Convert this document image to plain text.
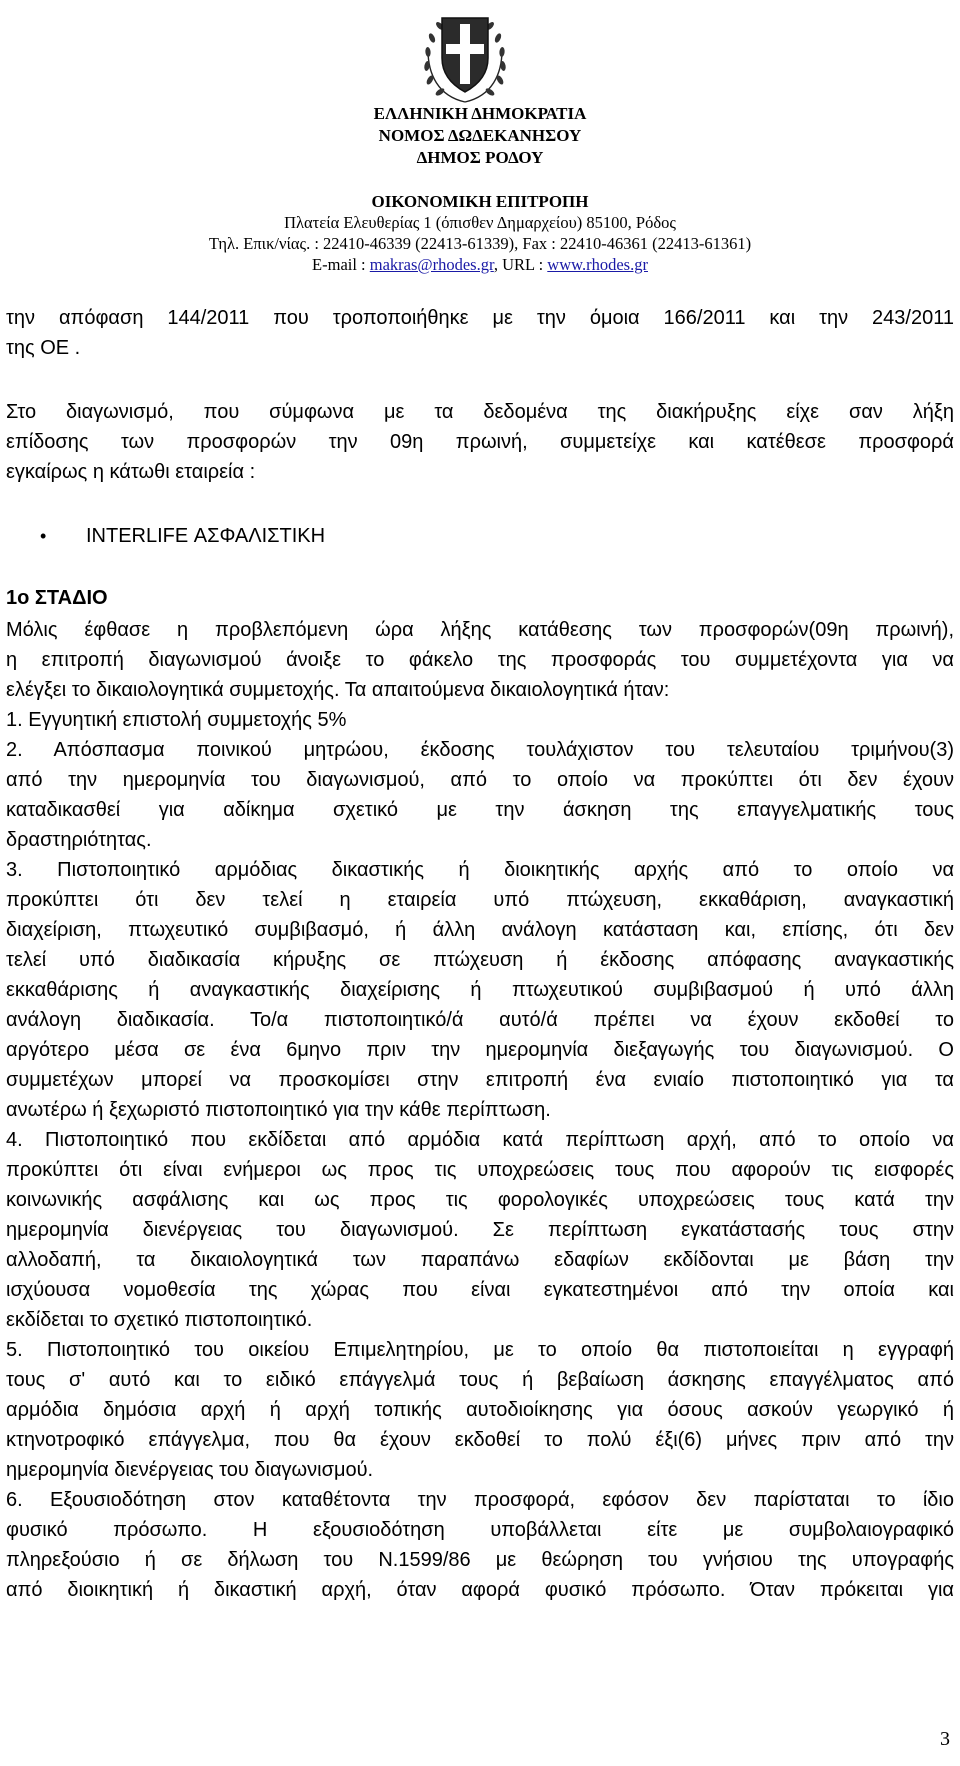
ΕΛΛΗΝΙΚΗ ΔΗΜΟΚΡΑΤΙΑ
ΝΟΜΟΣ ΔΩΔΕΚΑΝΗΣΟΥ
ΔΗΜΟΣ ΡΟΔΟΥ
ΟΙΚΟΝΟΜΙΚΗ ΕΠΙΤΡΟΠΗ
Πλατεία Ελευθερίας 1 (όπισθεν Δημαρχείου) 85100, Ρόδος
Τηλ. Επικ/νίας. : 22410-46339 (22413-61339), Fax : 22410-46361 (22413-61361)
E-mail : makras@rhodes.gr, URL : www.rhodes.gr
την απόφαση 144/2011 που τροποποιήθηκε με την όμοια 166/2011 και την 243/2011
της ΟΕ .
Στο διαγωνισμό, που σύμφωνα με τα δεδομένα της διακήρυξης είχε σαν λήξη
επίδοσης των προσφορών την 09η πρωινή, συμμετείχε και κατέθεσε προσφορά
εγκαίρως η κάτωθι εταιρεία :
• INTERLIFE ΑΣΦΑΛΙΣΤΙΚΗ
1ο ΣΤΑΔΙΟ
Μόλις έφθασε η προβλεπόμενη ώρα λήξης κατάθεσης των προσφορών(09η πρωινή),
η επιτροπή διαγωνισμού άνοιξε το φάκελο της προσφοράς του συμμετέχοντα για να
ελέγξει το δικαιολογητικά συμμετοχής. Τα απαιτούμενα δικαιολογητικά ήταν:
1. Εγγυητική επιστολή συμμετοχής 5%
2. Απόσπασμα ποινικού μητρώου, έκδοσης τουλάχιστον του τελευταίου τριμήνου(3)
από την ημερομηνία του διαγωνισμού, από το οποίο να προκύπτει ότι δεν έχουν
καταδικασθεί για αδίκημα σχετικό με την άσκηση της επαγγελματικής τους
δραστηριότητας.
3. Πιστοποιητικό αρμόδιας δικαστικής ή διοικητικής αρχής από το οποίο να
προκύπτει ότι δεν τελεί η εταιρεία υπό πτώχευση, εκκαθάριση, αναγκαστική
διαχείριση, πτωχευτικό συμβιβασμό, ή άλλη ανάλογη κατάσταση και, επίσης, ότι δεν
τελεί υπό διαδικασία κήρυξης σε πτώχευση ή έκδοσης απόφασης αναγκαστικής
εκκαθάρισης ή αναγκαστικής διαχείρισης ή πτωχευτικού συμβιβασμού ή υπό άλλη
ανάλογη διαδικασία. Το/α πιστοποιητικό/ά αυτό/ά πρέπει να έχουν εκδοθεί το
αργότερο μέσα σε ένα 6μηνο πριν την ημερομηνία διεξαγωγής του διαγωνισμού. Ο
συμμετέχων μπορεί να προσκομίσει στην επιτροπή ένα ενιαίο πιστοποιητικό για τα
ανωτέρω ή ξεχωριστό πιστοποιητικό για την κάθε περίπτωση.
4. Πιστοποιητικό που εκδίδεται από αρμόδια κατά περίπτωση αρχή, από το οποίο να
προκύπτει ότι είναι ενήμεροι ως προς τις υποχρεώσεις τους που αφορούν τις εισφορές
κοινωνικής ασφάλισης και ως προς τις φορολογικές υποχρεώσεις τους κατά την
ημερομηνία διενέργειας του διαγωνισμού. Σε περίπτωση εγκατάστασής τους στην
αλλοδαπή, τα δικαιολογητικά των παραπάνω εδαφίων εκδίδονται με βάση την
ισχύουσα νομοθεσία της χώρας που είναι εγκατεστημένοι από την οποία και
εκδίδεται το σχετικό πιστοποιητικό.
5. Πιστοποιητικό του οικείου Επιμελητηρίου, με το οποίο θα πιστοποιείται η εγγραφή
τους σ' αυτό και το ειδικό επάγγελμά τους ή βεβαίωση άσκησης επαγγέλματος από
αρμόδια δημόσια αρχή ή αρχή τοπικής αυτοδιοίκησης για όσους ασκούν γεωργικό ή
κτηνοτροφικό επάγγελμα, που θα έχουν εκδοθεί το πολύ έξι(6) μήνες πριν από την
ημερομηνία διενέργειας του διαγωνισμού.
6. Εξουσιοδότηση στον καταθέτοντα την προσφορά, εφόσον δεν παρίσταται το ίδιο
φυσικό πρόσωπο. Η εξουσιοδότηση υποβάλλεται είτε με συμβολαιογραφικό
πληρεξούσιο ή σε δήλωση του Ν.1599/86 με θεώρηση του γνήσιου της υπογραφής
από διοικητική ή δικαστική αρχή, όταν αφορά φυσικό πρόσωπο. Όταν πρόκειται για
3
